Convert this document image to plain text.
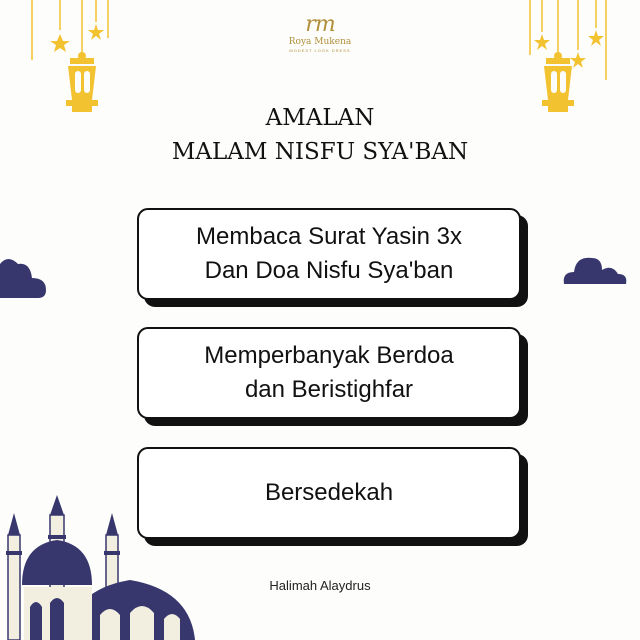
rm
Roya Mukena
MODEST LOOK DRESS
AMALAN
MALAM NISFU SYA'BAN
Membaca Surat Yasin 3x
Dan Doa Nisfu Sya'ban
Memperbanyak Berdoa
dan Beristighfar
Bersedekah
Halimah Alaydrus
